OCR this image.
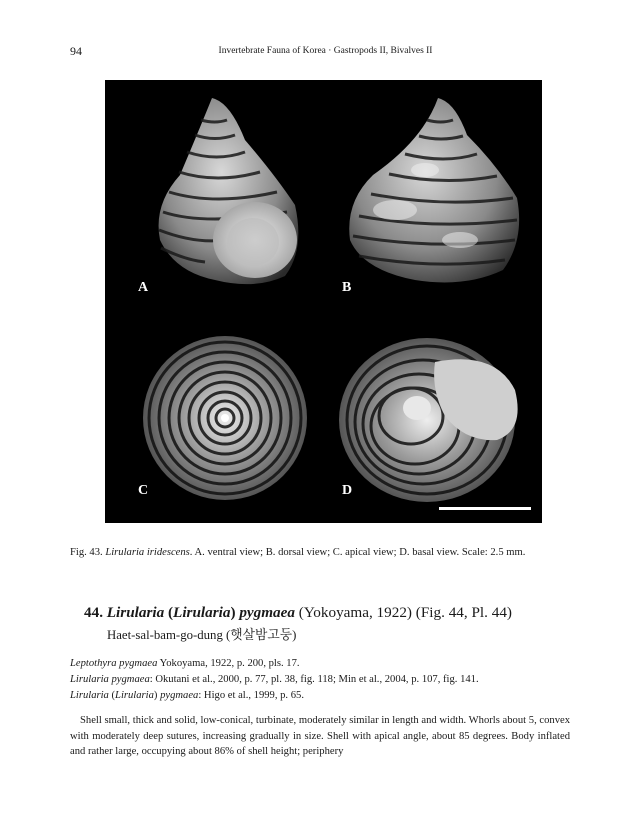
94	Invertebrate Fauna of Korea · Gastropods II, Bivalves II
A	B
C	D
Fig. 43. Lirularia iridescens. A. ventral view; B. dorsal view; C. apical view; D. basal view. Scale: 2.5 mm.
44. Lirularia (Lirularia) pygmaea (Yokoyama, 1922) (Fig. 44, Pl. 44)
Haet-sal-bam-go-dung (햇살밤고둥)
Leptothyra pygmaea Yokoyama, 1922, p. 200, pls. 17.
Lirularia pygmaea: Okutani et al., 2000, p. 77, pl. 38, fig. 118; Min et al., 2004, p. 107, fig. 141.
Lirularia (Lirularia) pygmaea: Higo et al., 1999, p. 65.
Shell small, thick and solid, low-conical, turbinate, moderately similar in length and width. Whorls about 5, convex with moderately deep sutures, increasing gradually in size. Shell with apical angle, about 85 degrees. Body inflated and rather large, occupying about 86% of shell height; periphery
